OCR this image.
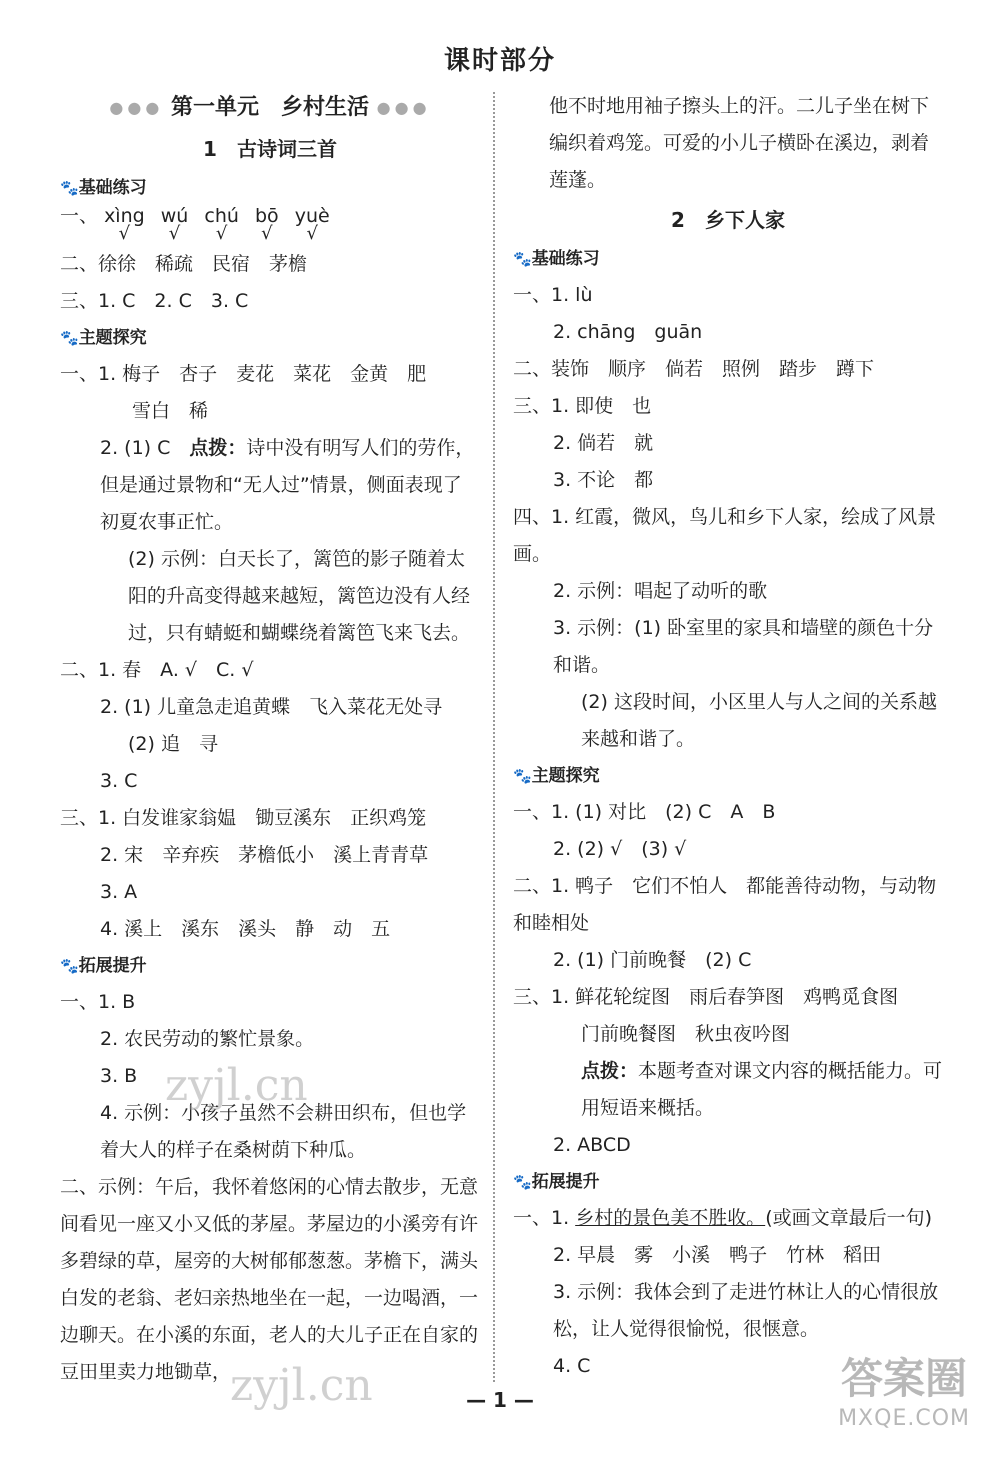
课时部分
●●● 第一单元　乡村生活 ●●●
1　古诗词三首
🐾基础练习
一、 xìng
√
wú
√
chú
√
bō
√
yuè
√
二、徐徐　稀疏　民宿　茅檐
三、1. C　2. C　3. C
🐾主题探究
一、1. 梅子　杏子　麦花　菜花　金黄　肥
雪白　稀
2. (1) C　 点拨：诗中没有明写人们的劳作，但是通过景物和“无人过”情景，侧面表现了初夏农事正忙。
(2) 示例：白天长了，篱笆的影子随着太阳的升高变得越来越短，篱笆边没有人经过，只有蜻蜓和蝴蝶绕着篱笆飞来飞去。
二、1. 春　A. √　C. √
2. (1) 儿童急走追黄蝶　飞入菜花无处寻
(2) 追　寻
3. C
三、1. 白发谁家翁媪　锄豆溪东　正织鸡笼
2. 宋　辛弃疾　茅檐低小　溪上青青草
3. A
4. 溪上　溪东　溪头　静　动　五
🐾拓展提升
一、1. B
2. 农民劳动的繁忙景象。
3. B
4. 示例：小孩子虽然不会耕田织布，但也学着大人的样子在桑树荫下种瓜。
二、示例：午后，我怀着悠闲的心情去散步，无意间看见一座又小又低的茅屋。茅屋边的小溪旁有许多碧绿的草，屋旁的大树郁郁葱葱。茅檐下，满头白发的老翁、老妇亲热地坐在一起，一边喝酒，一边聊天。在小溪的东面，老人的大儿子正在自家的豆田里卖力地锄草，
他不时地用袖子擦头上的汗。二儿子坐在树下编织着鸡笼。可爱的小儿子横卧在溪边，剥着莲蓬。
2　乡下人家
🐾基础练习
一、1. lù
2. chāng　guān
二、装饰　顺序　倘若　照例　踏步　蹲下
三、1. 即使　也
2. 倘若　就
3. 不论　都
四、1. 红霞，微风，鸟儿和乡下人家，绘成了风景画。
2. 示例：唱起了动听的歌
3. 示例：(1) 卧室里的家具和墙壁的颜色十分和谐。
(2) 这段时间，小区里人与人之间的关系越来越和谐了。
🐾主题探究
一、1. (1) 对比　(2) C　A　B
2. (2) √　(3) √
二、1. 鸭子　它们不怕人　都能善待动物，与动物和睦相处
2. (1) 门前晚餐　(2) C
三、1. 鲜花轮绽图　雨后春笋图　鸡鸭觅食图
门前晚餐图　秋虫夜吟图
点拨：本题考查对课文内容的概括能力。可用短语来概括。
2. ABCD
🐾拓展提升
一、1. 乡村的景色美不胜收。(或画文章最后一句)
2. 早晨　雾　小溪　鸭子　竹林　稻田
3. 示例：我体会到了走进竹林让人的心情很放松，让人觉得很愉悦，很惬意。
4. C
— 1 —
zyjl.cn
zyjl.cn	答案圈
MXQE.COM
